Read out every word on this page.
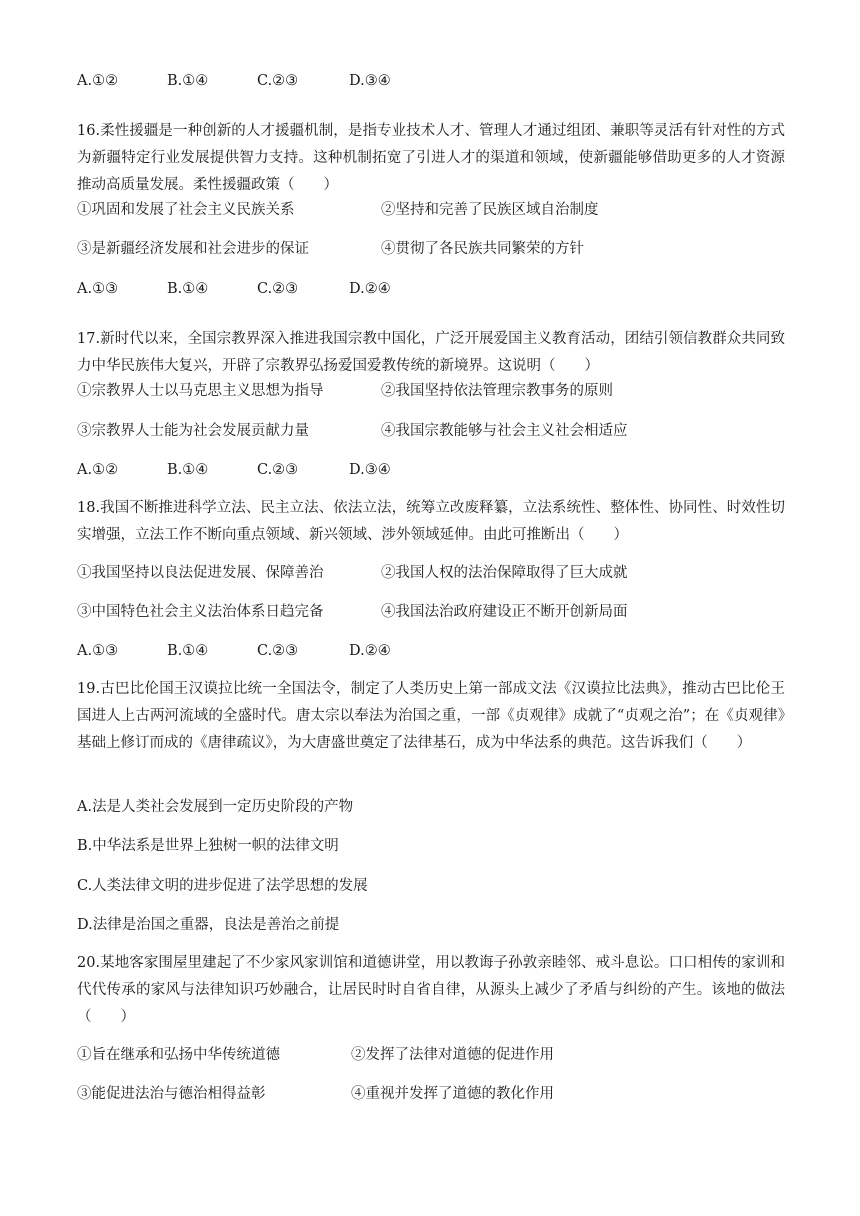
A.①②	B.①④	C.②③	D.③④
16.柔性援疆是一种创新的人才援疆机制，是指专业技术人才、管理人才通过组团、兼职等灵活有针对性的方式为新疆特定行业发展提供智力支持。这种机制拓宽了引进人才的渠道和领域，使新疆能够借助更多的人才资源推动高质量发展。柔性援疆政策（　　）
①巩固和发展了社会主义民族关系	②坚持和完善了民族区域自治制度
③是新疆经济发展和社会进步的保证	④贯彻了各民族共同繁荣的方针
A.①③	B.①④	C.②③	D.②④
17.新时代以来，全国宗教界深入推进我国宗教中国化，广泛开展爱国主义教育活动，团结引领信教群众共同致力中华民族伟大复兴，开辟了宗教界弘扬爱国爱教传统的新境界。这说明（　　）
①宗教界人士以马克思主义思想为指导	②我国坚持依法管理宗教事务的原则
③宗教界人士能为社会发展贡献力量	④我国宗教能够与社会主义社会相适应
A.①②	B.①④	C.②③	D.③④
18.我国不断推进科学立法、民主立法、依法立法，统筹立改废释纂，立法系统性、整体性、协同性、时效性切实增强，立法工作不断向重点领域、新兴领域、涉外领域延伸。由此可推断出（　　）
①我国坚持以良法促进发展、保障善治	②我国人权的法治保障取得了巨大成就
③中国特色社会主义法治体系日趋完备	④我国法治政府建设正不断开创新局面
A.①③	B.①④	C.②③	D.②④
19.古巴比伦国王汉谟拉比统一全国法令，制定了人类历史上第一部成文法《汉谟拉比法典》，推动古巴比伦王国进人上古两河流域的全盛时代。唐太宗以奉法为治国之重，一部《贞观律》成就了“贞观之治”；在《贞观律》基础上修订而成的《唐律疏议》，为大唐盛世奠定了法律基石，成为中华法系的典范。这告诉我们（　　）
A.法是人类社会发展到一定历史阶段的产物
B.中华法系是世界上独树一帜的法律文明
C.人类法律文明的进步促进了法学思想的发展
D.法律是治国之重器，良法是善治之前提
20.某地客家围屋里建起了不少家风家训馆和道德讲堂，用以教诲子孙敦亲睦邻、戒斗息讼。口口相传的家训和代代传承的家风与法律知识巧妙融合，让居民时时自省自律，从源头上减少了矛盾与纠纷的产生。该地的做法（　　）
①旨在继承和弘扬中华传统道德	②发挥了法律对道德的促进作用
③能促进法治与德治相得益彰	④重视并发挥了道德的教化作用
